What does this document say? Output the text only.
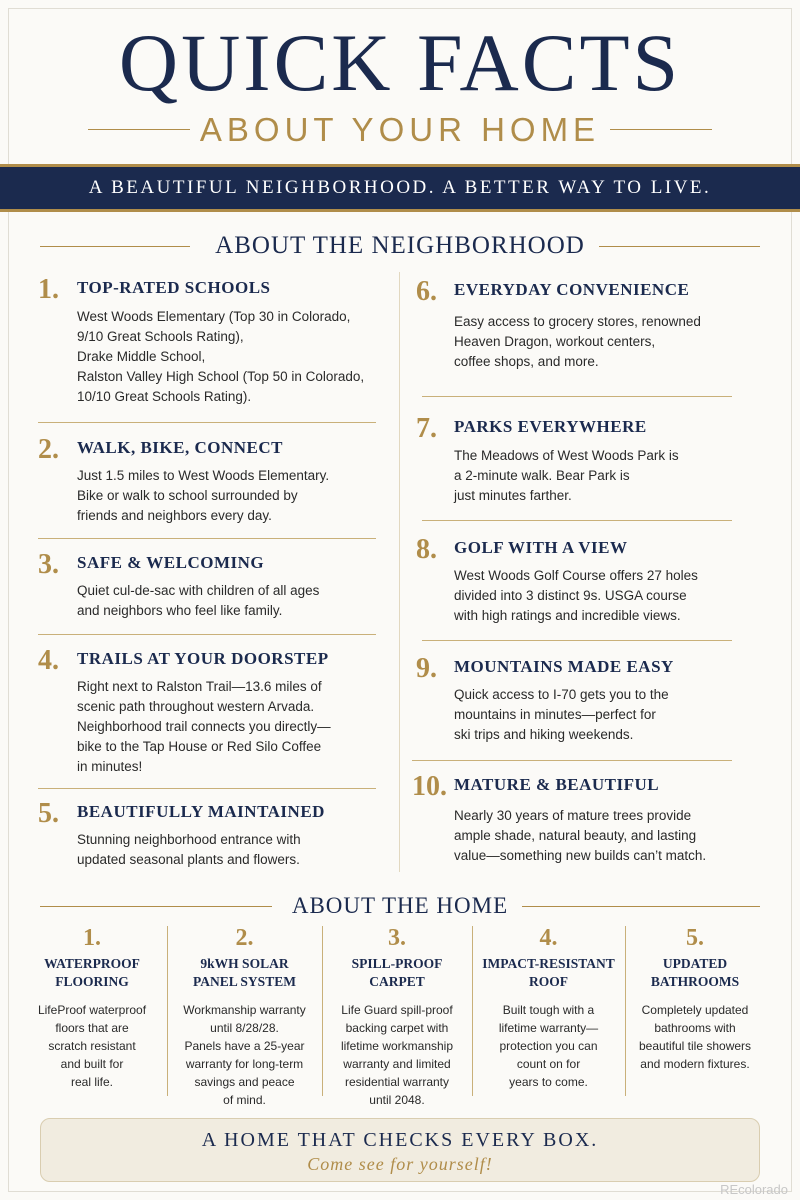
QUICK FACTS
ABOUT YOUR HOME
A BEAUTIFUL NEIGHBORHOOD. A BETTER WAY TO LIVE.
ABOUT THE NEIGHBORHOOD
1. TOP-RATED SCHOOLS
West Woods Elementary (Top 30 in Colorado,
9/10 Great Schools Rating),
Drake Middle School,
Ralston Valley High School (Top 50 in Colorado,
10/10 Great Schools Rating).
2. WALK, BIKE, CONNECT
Just 1.5 miles to West Woods Elementary.
Bike or walk to school surrounded by
friends and neighbors every day.
3. SAFE & WELCOMING
Quiet cul-de-sac with children of all ages
and neighbors who feel like family.
4. TRAILS AT YOUR DOORSTEP
Right next to Ralston Trail—13.6 miles of
scenic path throughout western Arvada.
Neighborhood trail connects you directly—
bike to the Tap House or Red Silo Coffee
in minutes!
5. BEAUTIFULLY MAINTAINED
Stunning neighborhood entrance with
updated seasonal plants and flowers.
6. EVERYDAY CONVENIENCE
Easy access to grocery stores, renowned
Heaven Dragon, workout centers,
coffee shops, and more.
7. PARKS EVERYWHERE
The Meadows of West Woods Park is
a 2-minute walk. Bear Park is
just minutes farther.
8. GOLF WITH A VIEW
West Woods Golf Course offers 27 holes
divided into 3 distinct 9s. USGA course
with high ratings and incredible views.
9. MOUNTAINS MADE EASY
Quick access to I-70 gets you to the
mountains in minutes—perfect for
ski trips and hiking weekends.
10. MATURE & BEAUTIFUL
Nearly 30 years of mature trees provide
ample shade, natural beauty, and lasting
value—something new builds can’t match.
ABOUT THE HOME
1.
WATERPROOF
FLOORING
LifeProof waterproof
floors that are
scratch resistant
and built for
real life.
2.
9kWH SOLAR
PANEL SYSTEM
Workmanship warranty
until 8/28/28.
Panels have a 25-year
warranty for long-term
savings and peace
of mind.
3.
SPILL-PROOF
CARPET
Life Guard spill-proof
backing carpet with
lifetime workmanship
warranty and limited
residential warranty
until 2048.
4.
IMPACT-RESISTANT
ROOF
Built tough with a
lifetime warranty—
protection you can
count on for
years to come.
5.
UPDATED
BATHROOMS
Completely updated
bathrooms with
beautiful tile showers
and modern fixtures.
A HOME THAT CHECKS EVERY BOX.
Come see for yourself!
REcolorado
